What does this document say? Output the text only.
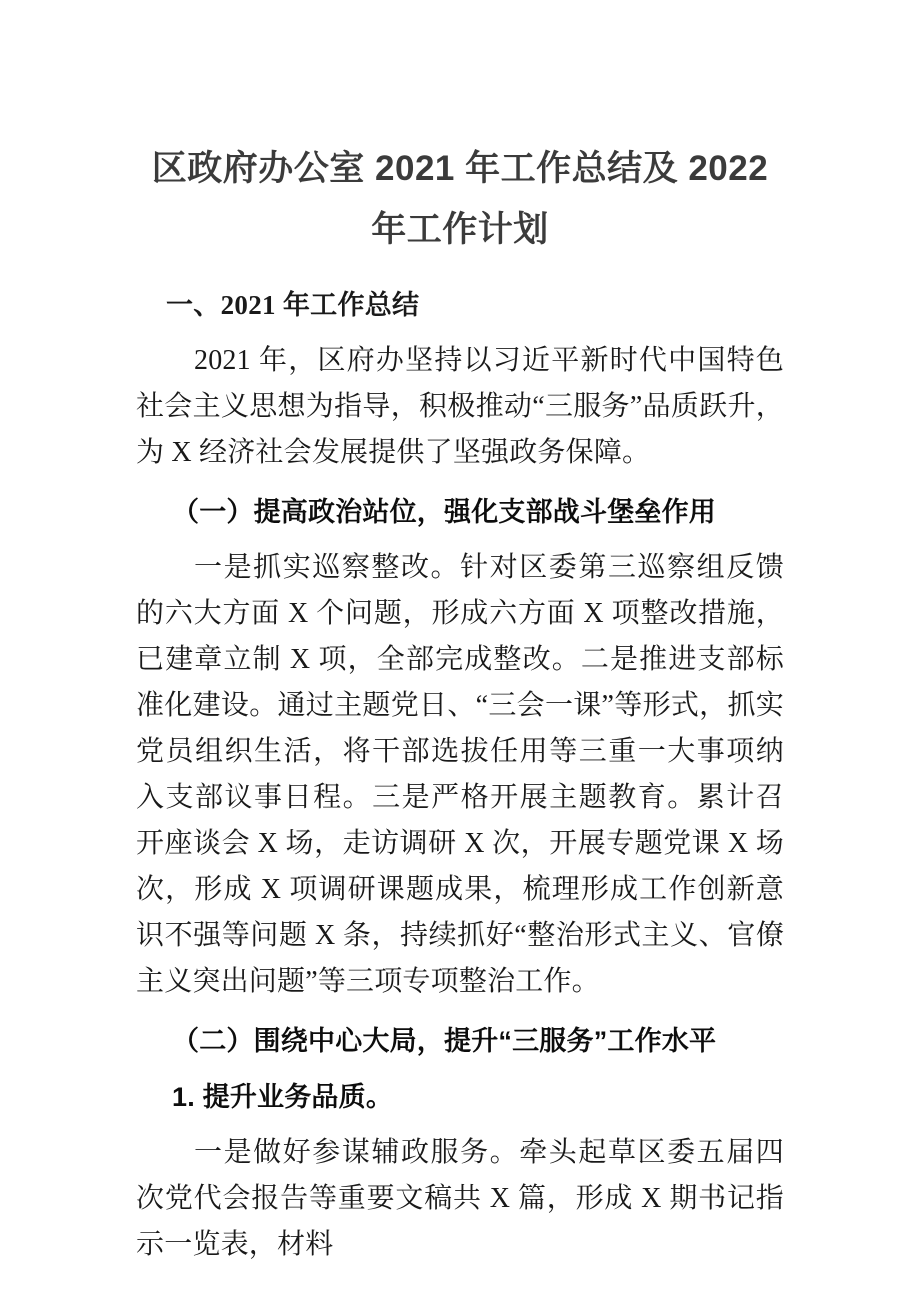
区政府办公室 2021 年工作总结及 2022
年工作计划
一、2021 年工作总结

2021 年，区府办坚持以习近平新时代中国特色社会主义思想为指导，积极推动“三服务”品质跃升，为 X 经济社会发展提供了坚强政务保障。

（一）提高政治站位，强化支部战斗堡垒作用

一是抓实巡察整改。针对区委第三巡察组反馈的六大方面 X 个问题，形成六方面 X 项整改措施，已建章立制 X 项，全部完成整改。二是推进支部标准化建设。通过主题党日、“三会一课”等形式，抓实党员组织生活，将干部选拔任用等三重一大事项纳入支部议事日程。三是严格开展主题教育。累计召开座谈会 X 场，走访调研 X 次，开展专题党课 X 场次，形成 X 项调研课题成果，梳理形成工作创新意识不强等问题 X 条，持续抓好“整治形式主义、官僚主义突出问题”等三项专项整治工作。

（二）围绕中心大局，提升“三服务”工作水平
1. 提升业务品质。

一是做好参谋辅政服务。牵头起草区委五届四次党代会报告等重要文稿共 X 篇，形成 X 期书记指示一览表，材料
